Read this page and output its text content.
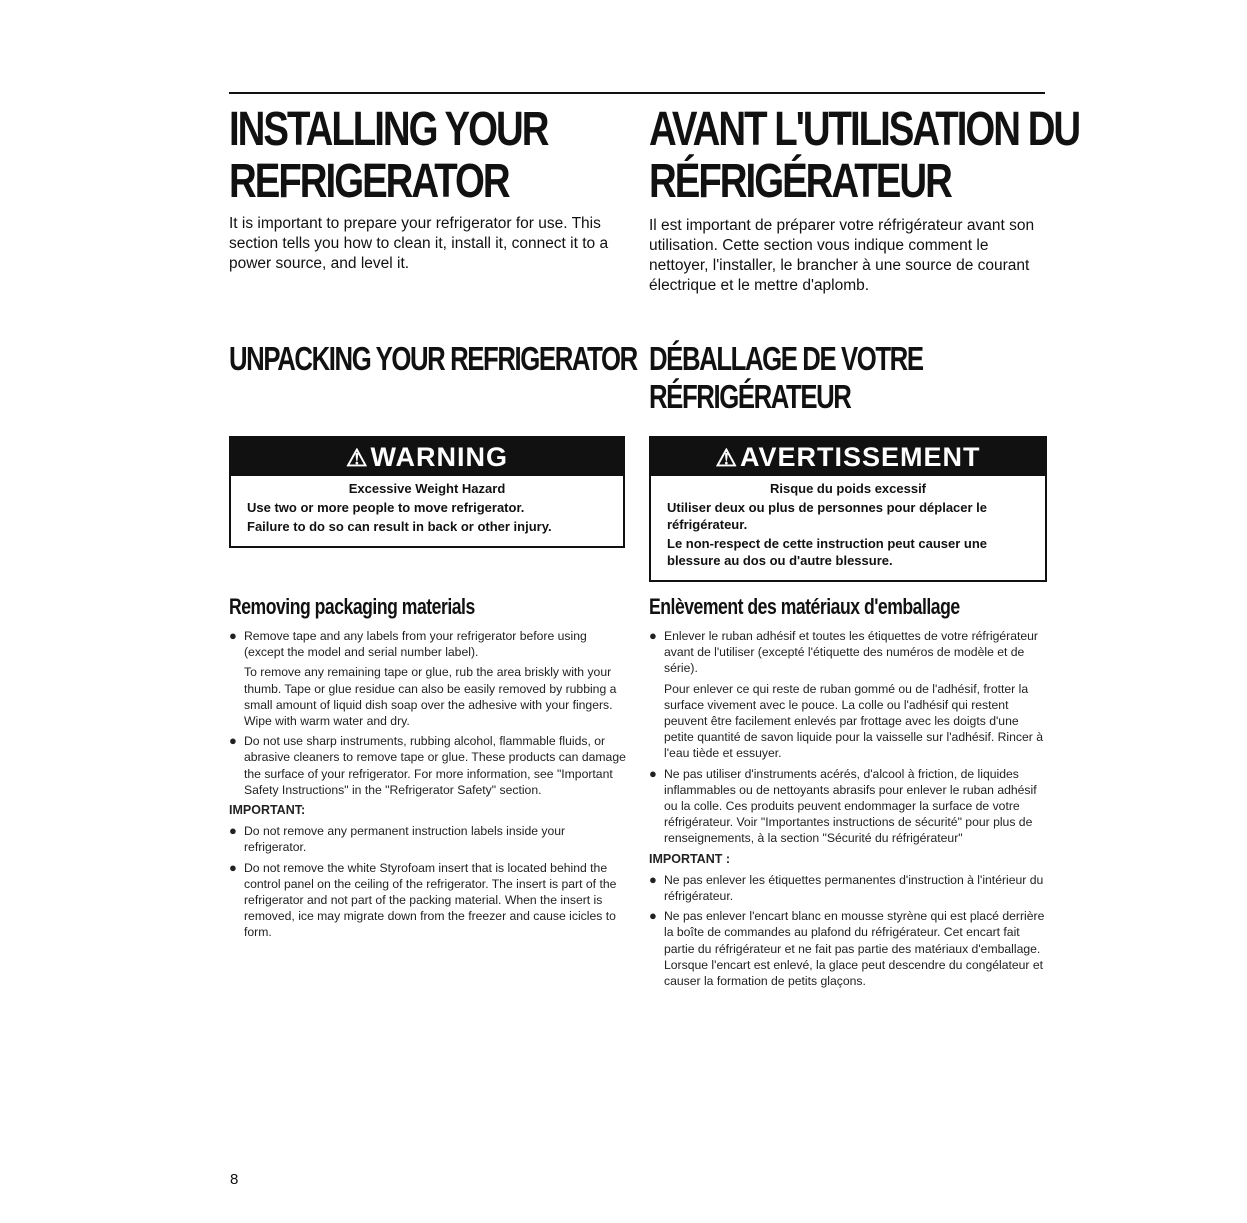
INSTALLING YOUR
REFRIGERATOR

It is important to prepare your refrigerator for use. This section tells you how to clean it, install it, connect it to a power source, and level it.

UNPACKING YOUR REFRIGERATOR
⚠WARNING

Excessive Weight Hazard

Use two or more people to move refrigerator.

Failure to do so can result in back or other injury.

Removing packaging materials
● Remove tape and any labels from your refrigerator before using (except the model and serial number label).
To remove any remaining tape or glue, rub the area briskly with your thumb. Tape or glue residue can also be easily removed by rubbing a small amount of liquid dish soap over the adhesive with your fingers. Wipe with warm water and dry.
● Do not use sharp instruments, rubbing alcohol, flammable fluids, or abrasive cleaners to remove tape or glue. These products can damage the surface of your refrigerator. For more information, see "Important Safety Instructions" in the "Refrigerator Safety" section.
IMPORTANT:
● Do not remove any permanent instruction labels inside your refrigerator.
● Do not remove the white Styrofoam insert that is located behind the control panel on the ceiling of the refrigerator. The insert is part of the refrigerator and not part of the packing material. When the insert is removed, ice may migrate down from the freezer and cause icicles to form.
AVANT L'UTILISATION DU
RÉFRIGÉRATEUR

Il est important de préparer votre réfrigérateur avant son utilisation. Cette section vous indique comment le nettoyer, l'installer, le brancher à une source de courant électrique et le mettre d'aplomb.

DÉBALLAGE DE VOTRE
RÉFRIGÉRATEUR
⚠AVERTISSEMENT

Risque du poids excessif

Utiliser deux ou plus de personnes pour déplacer le réfrigérateur.

Le non-respect de cette instruction peut causer une blessure au dos ou d'autre blessure.

Enlèvement des matériaux d'emballage
● Enlever le ruban adhésif et toutes les étiquettes de votre réfrigérateur avant de l'utiliser (excepté l'étiquette des numéros de modèle et de série).
Pour enlever ce qui reste de ruban gommé ou de l'adhésif, frotter la surface vivement avec le pouce. La colle ou l'adhésif qui restent peuvent être facilement enlevés par frottage avec les doigts d'une petite quantité de savon liquide pour la vaisselle sur l'adhésif. Rincer à l'eau tiède et essuyer.
● Ne pas utiliser d'instruments acérés, d'alcool à friction, de liquides inflammables ou de nettoyants abrasifs pour enlever le ruban adhésif ou la colle. Ces produits peuvent endommager la surface de votre réfrigérateur. Voir "Importantes instructions de sécurité" pour plus de renseignements, à la section "Sécurité du réfrigérateur"
IMPORTANT :
● Ne pas enlever les étiquettes permanentes d'instruction à l'intérieur du réfrigérateur.
● Ne pas enlever l'encart blanc en mousse styrène qui est placé derrière la boîte de commandes au plafond du réfrigérateur. Cet encart fait partie du réfrigérateur et ne fait pas partie des matériaux d'emballage. Lorsque l'encart est enlevé, la glace peut descendre du congélateur et causer la formation de petits glaçons.
8
